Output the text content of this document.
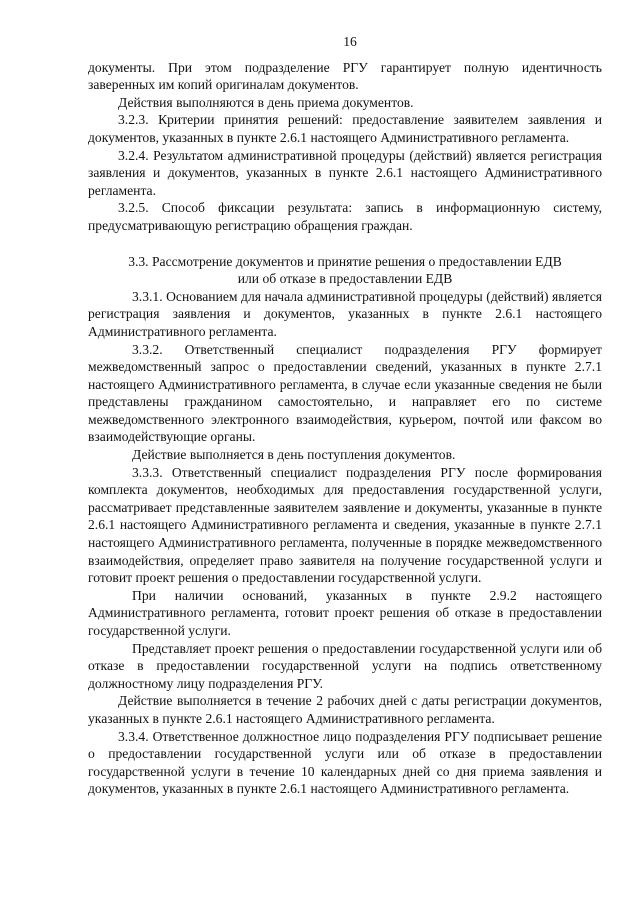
16

документы. При этом подразделение РГУ гарантирует полную идентичность заверенных им копий оригиналам документов.

Действия выполняются в день приема документов.

3.2.3. Критерии принятия решений: предоставление заявителем заявления и документов, указанных в пункте 2.6.1 настоящего Административного регламента.

3.2.4. Результатом административной процедуры (действий) является регистрация заявления и документов, указанных в пункте 2.6.1 настоящего Административного регламента.

3.2.5. Способ фиксации результата: запись в информационную систему, предусматривающую регистрацию обращения граждан.

3.3. Рассмотрение документов и принятие решения о предоставлении ЕДВ
или об отказе в предоставлении ЕДВ

3.3.1. Основанием для начала административной процедуры (действий) является регистрация заявления и документов, указанных в пункте 2.6.1 настоящего Административного регламента.

3.3.2. Ответственный специалист подразделения РГУ формирует межведомственный запрос о предоставлении сведений, указанных в пункте 2.7.1 настоящего Административного регламента, в случае если указанные сведения не были представлены гражданином самостоятельно, и направляет его по системе межведомственного электронного взаимодействия, курьером, почтой или факсом во взаимодействующие органы.

Действие выполняется в день поступления документов.

3.3.3. Ответственный специалист подразделения РГУ после формирования комплекта документов, необходимых для предоставления государственной услуги, рассматривает представленные заявителем заявление и документы, указанные в пункте 2.6.1 настоящего Административного регламента и сведения, указанные в пункте 2.7.1 настоящего Административного регламента, полученные в порядке межведомственного взаимодействия, определяет право заявителя на получение государственной услуги и готовит проект решения о предоставлении государственной услуги.

При наличии оснований, указанных в пункте 2.9.2 настоящего Административного регламента, готовит проект решения об отказе в предоставлении государственной услуги.

Представляет проект решения о предоставлении государственной услуги или об отказе в предоставлении государственной услуги на подпись ответственному должностному лицу подразделения РГУ.

Действие выполняется в течение 2 рабочих дней с даты регистрации документов, указанных в пункте 2.6.1 настоящего Административного регламента.

3.3.4. Ответственное должностное лицо подразделения РГУ подписывает решение о предоставлении государственной услуги или об отказе в предоставлении государственной услуги в течение 10 календарных дней со дня приема заявления и документов, указанных в пункте 2.6.1 настоящего Административного регламента.
